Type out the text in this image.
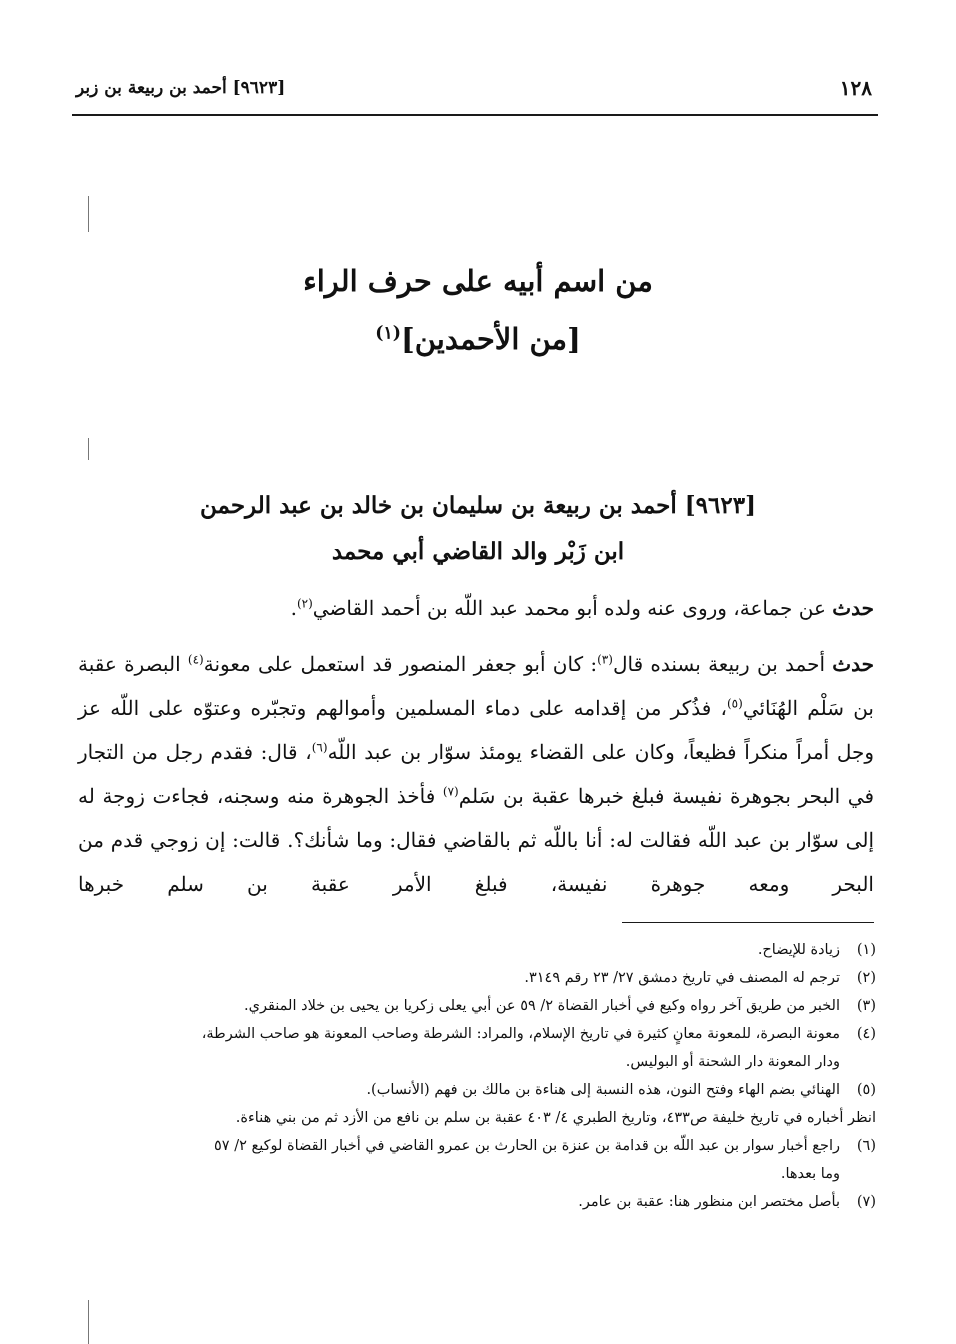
١٢٨
[٩٦٢٣] أحمد بن ربيعة بن زبر
من اسم أبيه على حرف الراء
[من الأحمدين]$^{(١)}$
[٩٦٢٣] أحمد بن ربيعة بن سليمان بن خالد بن عبد الرحمن
ابن زَبْر والد القاضي أبي محمد

حدث عن جماعة، وروى عنه ولده أبو محمد عبد اللّه بن أحمد القاضي$^{(٢)}$.

حدث أحمد بن ربيعة بسنده قال$^{(٣)}$: كان أبو جعفر المنصور قد استعمل على معونة$^{(٤)}$ البصرة عقبة بن سَلْم الهُنَائي$^{(٥)}$، فذُكر من إقدامه على دماء المسلمين وأموالهم وتجبّره وعتوّه على اللّه عز وجل أمراً منكراً فظيعاً، وكان على القضاء يومئذ سوّار بن عبد اللّه$^{(٦)}$، قال: فقدم رجل من التجار في البحر بجوهرة نفيسة فبلغ خبرها عقبة بن سَلم$^{(٧)}$ فأخذ الجوهرة منه وسجنه، فجاءت زوجة له إلى سوّار بن عبد اللّه فقالت له: أنا باللّه ثم بالقاضي فقال: وما شأنك؟. قالت: إن زوجي قدم من البحر ومعه جوهرة نفيسة، فبلغ الأمر عقبة بن سلم خبرها

(١)
زيادة للإيضاح.
(٢)
ترجم له المصنف في تاريخ دمشق ٢٧/ ٢٣ رقم ٣١٤٩.
(٣)
الخبر من طريق آخر رواه وكيع في أخبار القضاة ٢/ ٥٩ عن أبي يعلى زكريا بن يحيى بن خلاد المنقري.
(٤)
معونة البصرة، للمعونة معانٍ كثيرة في تاريخ الإسلام، والمراد: الشرطة وصاحب المعونة هو صاحب الشرطة،
ودار المعونة دار الشحنة أو البوليس.
(٥)
الهنائي بضم الهاء وفتح النون، هذه النسبة إلى هناءة بن مالك بن فهم (الأنساب).
انظر أخباره في تاريخ خليفة ص٤٣٣، وتاريخ الطبري ٤/ ٤٠٣ عقبة بن سلم بن نافع من الأزد ثم من بني هناءة.
(٦)
راجع أخبار سوار بن عبد اللّه بن قدامة بن عنزة بن الحارث بن عمرو القاضي في أخبار القضاة لوكيع ٢/ ٥٧
وما بعدها.
(٧)
بأصل مختصر ابن منظور هنا: عقبة بن عامر.
